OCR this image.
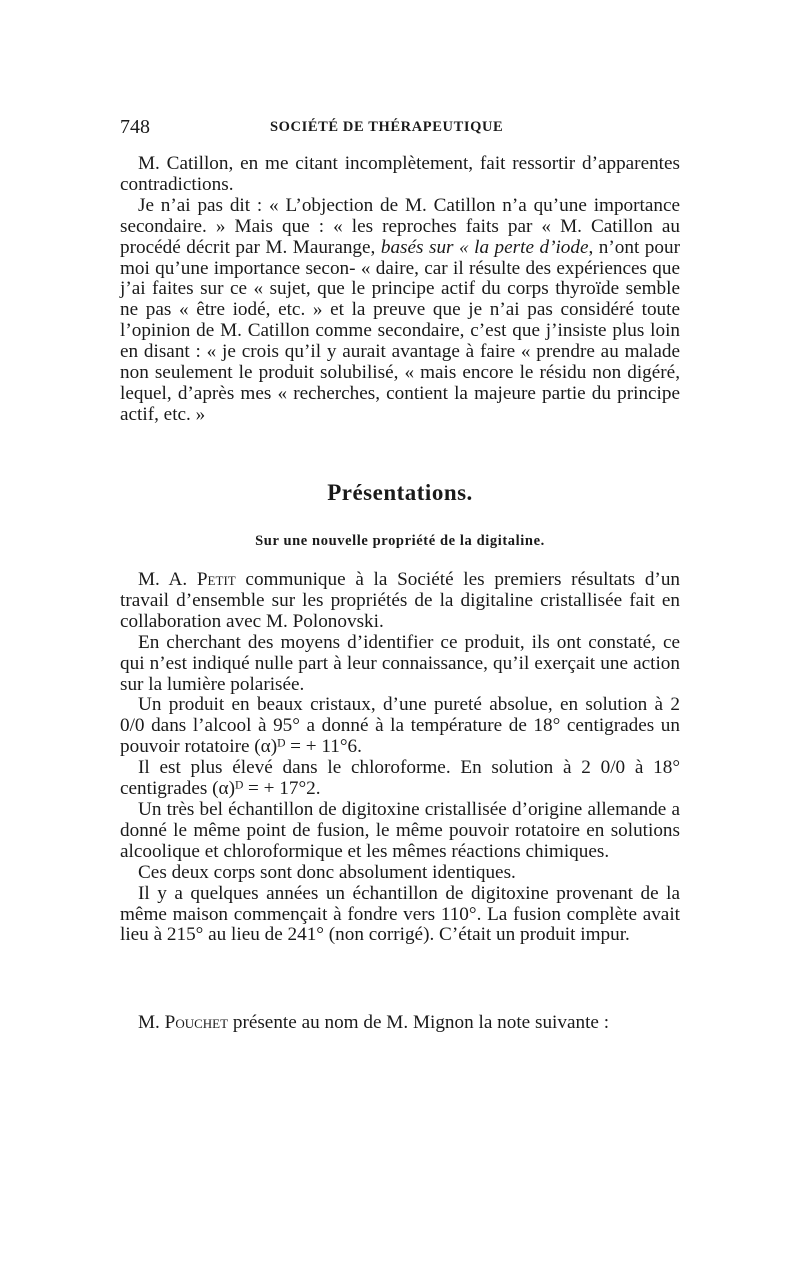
748	SOCIÉTÉ DE THÉRAPEUTIQUE

M. Catillon, en me citant incomplètement, fait ressortir d’apparentes contradictions.

Je n’ai pas dit : « L’objection de M. Catillon n’a qu’une importance secondaire. » Mais que : « les reproches faits par « M. Catillon au procédé décrit par M. Maurange, basés sur « la perte d’iode, n’ont pour moi qu’une importance secon- « daire, car il résulte des expériences que j’ai faites sur ce « sujet, que le principe actif du corps thyroïde semble ne pas « être iodé, etc. » et la preuve que je n’ai pas considéré toute l’opinion de M. Catillon comme secondaire, c’est que j’insiste plus loin en disant : « je crois qu’il y aurait avantage à faire « prendre au malade non seulement le produit solubilisé, « mais encore le résidu non digéré, lequel, d’après mes « recherches, contient la majeure partie du principe actif, etc. »

Présentations.
Sur une nouvelle propriété de la digitaline.

M. A. Petit communique à la Société les premiers résultats d’un travail d’ensemble sur les propriétés de la digitaline cristallisée fait en collaboration avec M. Polonovski.

En cherchant des moyens d’identifier ce produit, ils ont constaté, ce qui n’est indiqué nulle part à leur connaissance, qu’il exerçait une action sur la lumière polarisée.

Un produit en beaux cristaux, d’une pureté absolue, en solution à 2 0/0 dans l’alcool à 95° a donné à la température de 18° centigrades un pouvoir rotatoire (α)ᴰ = + 11°6.

Il est plus élevé dans le chloroforme. En solution à 2 0/0 à 18° centigrades (α)ᴰ = + 17°2.

Un très bel échantillon de digitoxine cristallisée d’origine allemande a donné le même point de fusion, le même pouvoir rotatoire en solutions alcoolique et chloroformique et les mêmes réactions chimiques.

Ces deux corps sont donc absolument identiques.

Il y a quelques années un échantillon de digitoxine provenant de la même maison commençait à fondre vers 110°. La fusion complète avait lieu à 215° au lieu de 241° (non corrigé). C’était un produit impur.

M. Pouchet présente au nom de M. Mignon la note suivante :
